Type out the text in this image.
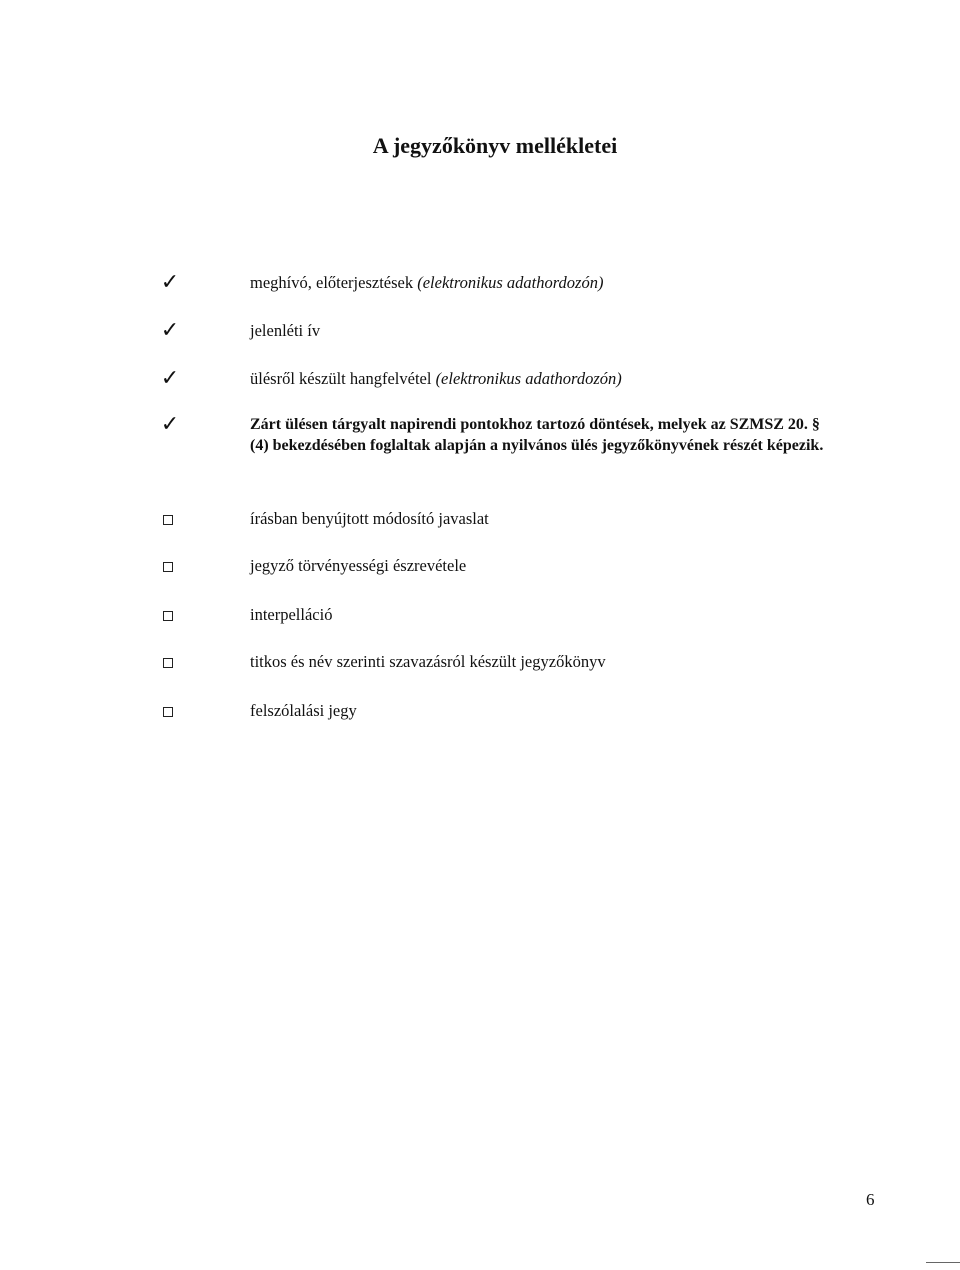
A jegyzőkönyv mellékletei
✓	meghívó, előterjesztések (elektronikus adathordozón)
✓	jelenléti ív
✓	ülésről készült hangfelvétel (elektronikus adathordozón)
✓	Zárt ülésen tárgyalt napirendi pontokhoz tartozó döntések, melyek az SZMSZ 20. § (4) bekezdésében foglaltak alapján a nyilvános ülés jegyzőkönyvének részét képezik.
írásban benyújtott módosító javaslat
jegyző törvényességi észrevétele
interpelláció
titkos és név szerinti szavazásról készült jegyzőkönyv
felszólalási jegy
6
